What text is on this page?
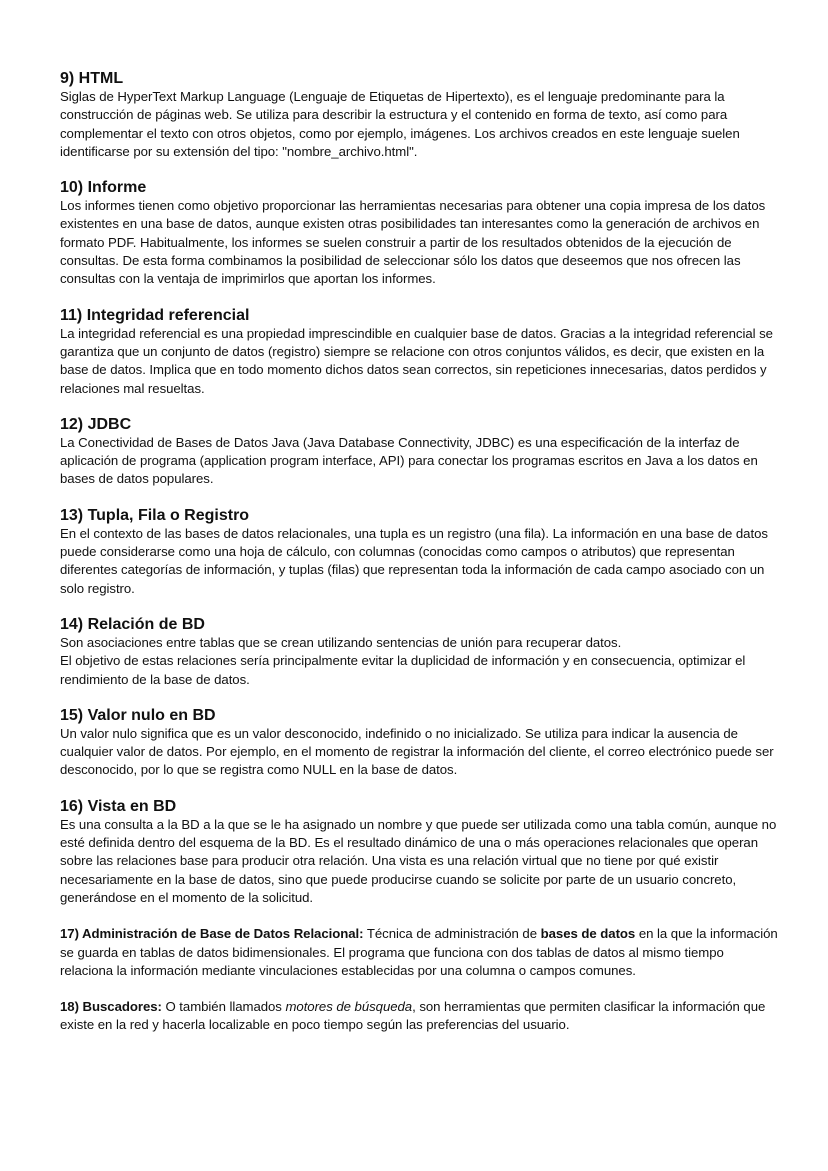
9) HTML

Siglas de HyperText Markup Language (Lenguaje de Etiquetas de Hipertexto), es el lenguaje predominante para la construcción de páginas web. Se utiliza para describir la estructura y el contenido en forma de texto, así como para complementar el texto con otros objetos, como por ejemplo, imágenes. Los archivos creados en este lenguaje suelen identificarse por su extensión del tipo: "nombre_archivo.html".

10) Informe

Los informes tienen como objetivo proporcionar las herramientas necesarias para obtener una copia impresa de los datos existentes en una base de datos, aunque existen otras posibilidades tan interesantes como la generación de archivos en formato PDF. Habitualmente, los informes se suelen construir a partir de los resultados obtenidos de la ejecución de consultas. De esta forma combinamos la posibilidad de seleccionar sólo los datos que deseemos que nos ofrecen las consultas con la ventaja de imprimirlos que aportan los informes.

11) Integridad referencial

La integridad referencial es una propiedad imprescindible en cualquier base de datos. Gracias a la integridad referencial se garantiza que un conjunto de datos (registro) siempre se relacione con otros conjuntos válidos, es decir, que existen en la base de datos. Implica que en todo momento dichos datos sean correctos, sin repeticiones innecesarias, datos perdidos y relaciones mal resueltas.

12) JDBC

La Conectividad de Bases de Datos Java (Java Database Connectivity, JDBC) es una especificación de la interfaz de aplicación de programa (application program interface, API) para conectar los programas escritos en Java a los datos en bases de datos populares.

13) Tupla, Fila o Registro

En el contexto de las bases de datos relacionales, una tupla es un registro (una fila). La información en una base de datos puede considerarse como una hoja de cálculo, con columnas (conocidas como campos o atributos) que representan diferentes categorías de información, y tuplas (filas) que representan toda la información de cada campo asociado con un solo registro.

14) Relación de BD

Son asociaciones entre tablas que se crean utilizando sentencias de unión para recuperar datos.

El objetivo de estas relaciones sería principalmente evitar la duplicidad de información y en consecuencia, optimizar el rendimiento de la base de datos.

15) Valor nulo en BD

Un valor nulo significa que es un valor desconocido, indefinido o no inicializado. Se utiliza para indicar la ausencia de cualquier valor de datos. Por ejemplo, en el momento de registrar la información del cliente, el correo electrónico puede ser desconocido, por lo que se registra como NULL en la base de datos.

16) Vista en BD

Es una consulta a la BD a la que se le ha asignado un nombre y que puede ser utilizada como una tabla común, aunque no esté definida dentro del esquema de la BD. Es el resultado dinámico de una o más operaciones relacionales que operan sobre las relaciones base para producir otra relación. Una vista es una relación virtual que no tiene por qué existir necesariamente en la base de datos, sino que puede producirse cuando se solicite por parte de un usuario concreto, generándose en el momento de la solicitud.

17) Administración de Base de Datos Relacional: Técnica de administración de bases de datos en la que la información se guarda en tablas de datos bidimensionales. El programa que funciona con dos tablas de datos al mismo tiempo relaciona la información mediante vinculaciones establecidas por una columna o campos comunes.

18) Buscadores: O también llamados motores de búsqueda, son herramientas que permiten clasificar la información que existe en la red y hacerla localizable en poco tiempo según las preferencias del usuario.
